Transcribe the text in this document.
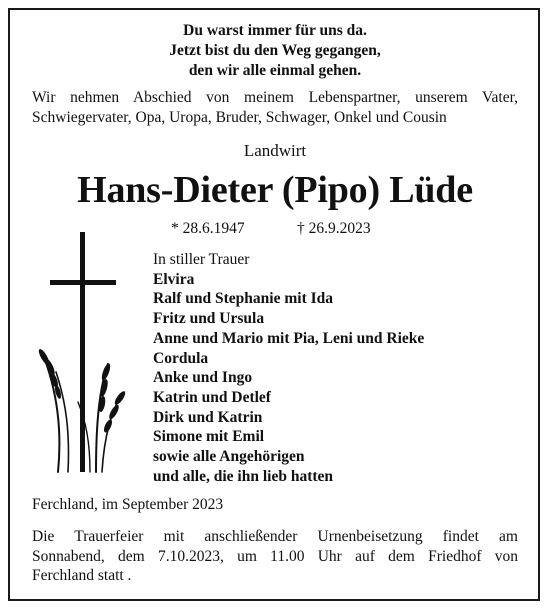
Du warst immer für uns da.
Jetzt bist du den Weg gegangen,
den wir alle einmal gehen.
Wir nehmen Abschied von meinem Lebenspartner, unserem Vater,
Schwiegervater, Opa, Uropa, Bruder, Schwager, Onkel und Cousin
Landwirt
Hans-Dieter (Pipo) Lüde
* 28.6.1947	† 26.9.2023
In stiller Trauer
Elvira
Ralf und Stephanie mit Ida
Fritz und Ursula
Anne und Mario mit Pia, Leni und Rieke
Cordula
Anke und Ingo
Katrin und Detlef
Dirk und Katrin
Simone mit Emil
sowie alle Angehörigen
und alle, die ihn lieb hatten
Ferchland, im September 2023
Die Trauerfeier mit anschließender Urnenbeisetzung findet am
Sonnabend, dem 7.10.2023, um 11.00 Uhr auf dem Friedhof von
Ferchland statt .
